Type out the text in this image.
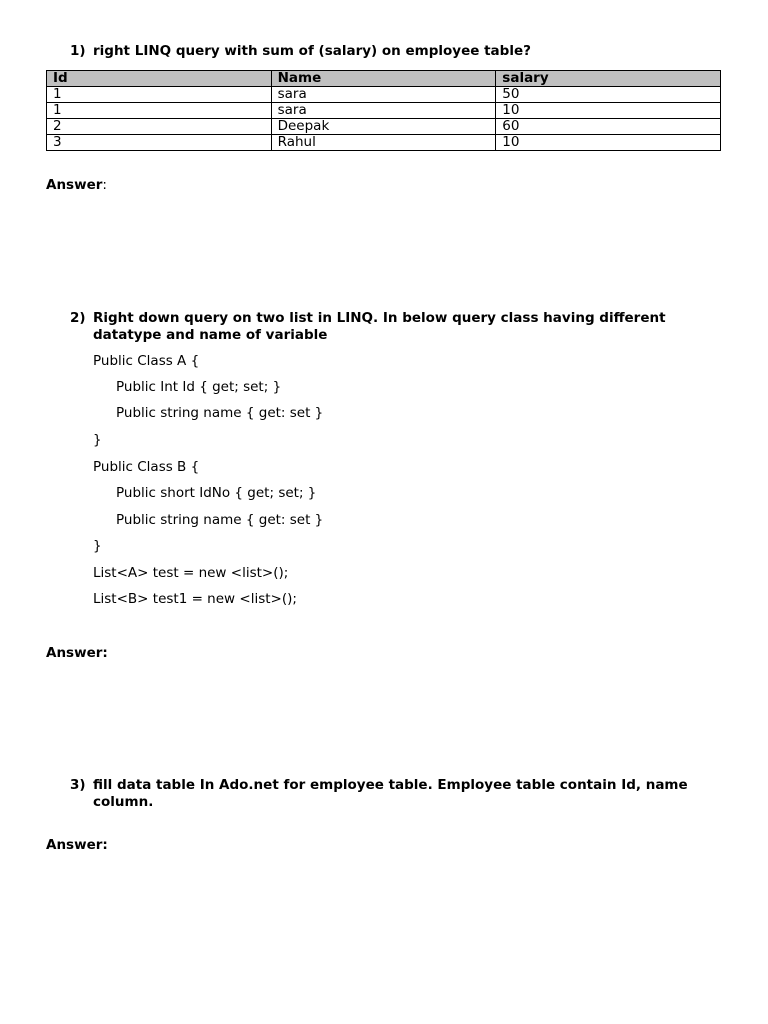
1) right LINQ query with sum of (salary) on employee table?
Id	Name	salary
1	sara	50
1	sara	10
2	Deepak	60
3	Rahul	10
Answer:
2) Right down query on two list in LINQ. In below query class having different
datatype and name of variable
Public Class A {
Public Int Id { get; set; }
Public string name { get: set }
}
Public Class B {
Public short IdNo { get; set; }
Public string name { get: set }
}
List<A> test = new <list>();
List<B> test1 = new <list>();
Answer:
3) fill data table In Ado.net for employee table. Employee table contain Id, name
column.
Answer:
